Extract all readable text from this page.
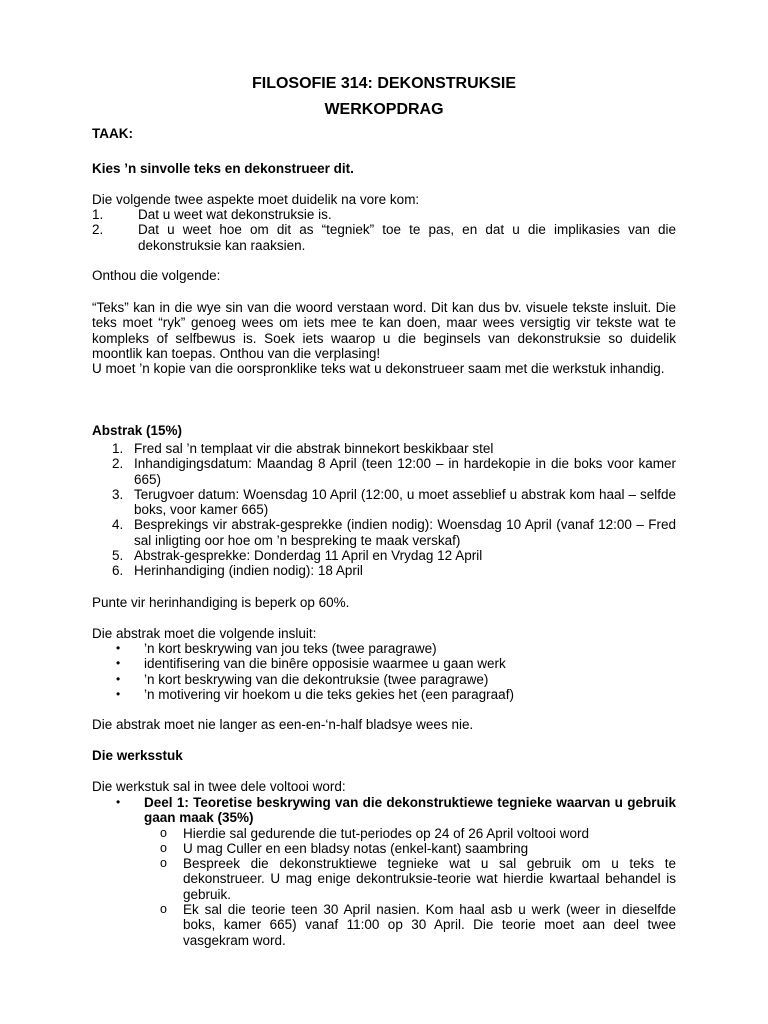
FILOSOFIE 314: DEKONSTRUKSIE
WERKOPDRAG
TAAK:
Kies ’n sinvolle teks en dekonstrueer dit.
Die volgende twee aspekte moet duidelik na vore kom:
1.	Dat u weet wat dekonstruksie is.
2.	Dat u weet hoe om dit as “tegniek” toe te pas, en dat u die implikasies van die dekonstruksie kan raaksien.
Onthou die volgende:
“Teks” kan in die wye sin van die woord verstaan word. Dit kan dus bv. visuele tekste insluit. Die teks moet “ryk” genoeg wees om iets mee te kan doen, maar wees versigtig vir tekste wat te kompleks of selfbewus is. Soek iets waarop u die beginsels van dekonstruksie so duidelik moontlik kan toepas. Onthou van die verplasing!
U moet ’n kopie van die oorspronklike teks wat u dekonstrueer saam met die werkstuk inhandig.
Abstrak (15%)
1. Fred sal ’n templaat vir die abstrak binnekort beskikbaar stel
2. Inhandigingsdatum: Maandag 8 April (teen 12:00 – in hardekopie in die boks voor kamer 665)
3. Terugvoer datum: Woensdag 10 April (12:00, u moet asseblief u abstrak kom haal – selfde boks, voor kamer 665)
4. Besprekings vir abstrak-gesprekke (indien nodig): Woensdag 10 April (vanaf 12:00 – Fred sal inligting oor hoe om ’n bespreking te maak verskaf)
5. Abstrak-gesprekke: Donderdag 11 April en Vrydag 12 April
6. Herinhandiging (indien nodig): 18 April
Punte vir herinhandiging is beperk op 60%.
Die abstrak moet die volgende insluit:
•	’n kort beskrywing van jou teks (twee paragrawe)
•	identifisering van die binêre opposisie waarmee u gaan werk
•	’n kort beskrywing van die dekontruksie (twee paragrawe)
•	’n motivering vir hoekom u die teks gekies het (een paragraaf)
Die abstrak moet nie langer as een-en-‘n-half bladsye wees nie.
Die werksstuk
Die werkstuk sal in twee dele voltooi word:
•	Deel 1: Teoretise beskrywing van die dekonstruktiewe tegnieke waarvan u gebruik gaan maak (35%)
o	Hierdie sal gedurende die tut-periodes op 24 of 26 April voltooi word
o	U mag Culler en een bladsy notas (enkel-kant) saambring
o	Bespreek die dekonstruktiewe tegnieke wat u sal gebruik om u teks te dekonstrueer. U mag enige dekontruksie-teorie wat hierdie kwartaal behandel is gebruik.
o	Ek sal die teorie teen 30 April nasien. Kom haal asb u werk (weer in dieselfde boks, kamer 665) vanaf 11:00 op 30 April. Die teorie moet aan deel twee vasgekram word.
